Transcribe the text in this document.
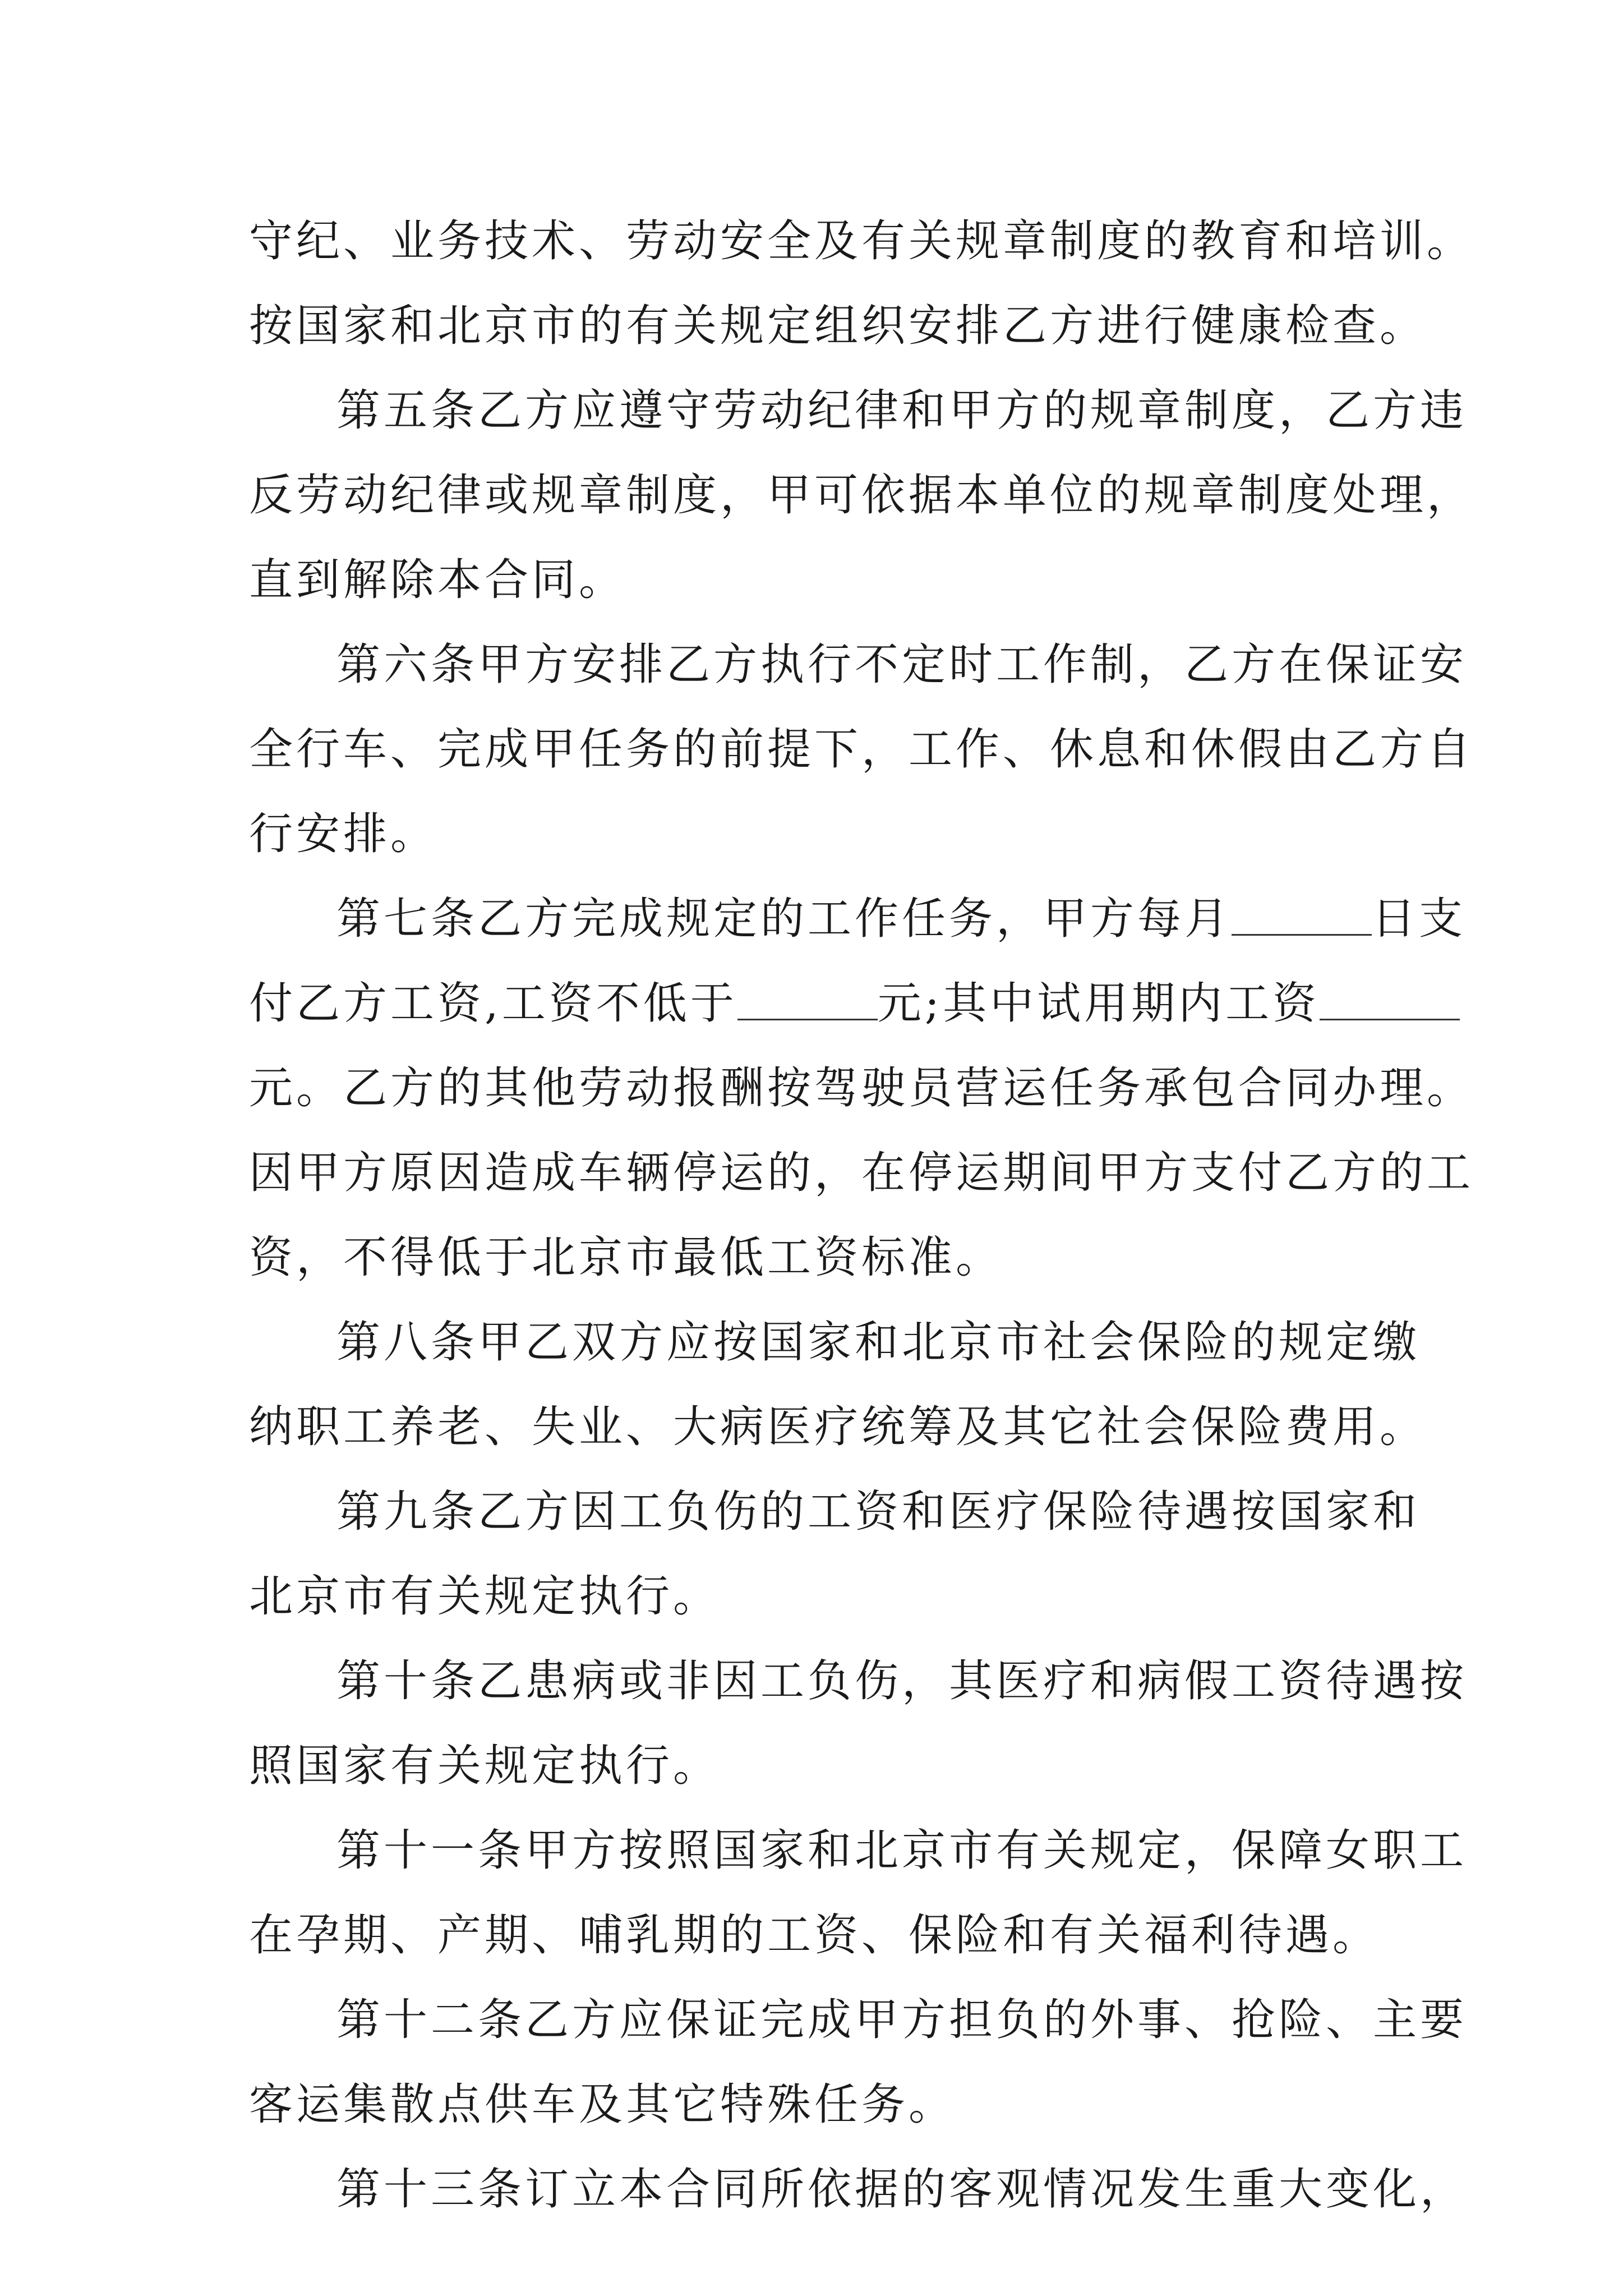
守纪、业务技术、劳动安全及有关规章制度的教育和培训。
按国家和北京市的有关规定组织安排乙方进行健康检查。
第五条乙方应遵守劳动纪律和甲方的规章制度，乙方违
反劳动纪律或规章制度，甲可依据本单位的规章制度处理，
直到解除本合同。
第六条甲方安排乙方执行不定时工作制，乙方在保证安
全行车、完成甲任务的前提下，工作、休息和休假由乙方自
行安排。
第七条乙方完成规定的工作任务，甲方每月	日支
付乙方工资,工资不低于	元;其中试用期内工资
元。乙方的其他劳动报酬按驾驶员营运任务承包合同办理。
因甲方原因造成车辆停运的，在停运期间甲方支付乙方的工
资，不得低于北京市最低工资标准。
第八条甲乙双方应按国家和北京市社会保险的规定缴
纳职工养老、失业、大病医疗统筹及其它社会保险费用。
第九条乙方因工负伤的工资和医疗保险待遇按国家和
北京市有关规定执行。
第十条乙患病或非因工负伤，其医疗和病假工资待遇按
照国家有关规定执行。
第十一条甲方按照国家和北京市有关规定，保障女职工
在孕期、产期、哺乳期的工资、保险和有关福利待遇。
第十二条乙方应保证完成甲方担负的外事、抢险、主要
客运集散点供车及其它特殊任务。
第十三条订立本合同所依据的客观情况发生重大变化，
